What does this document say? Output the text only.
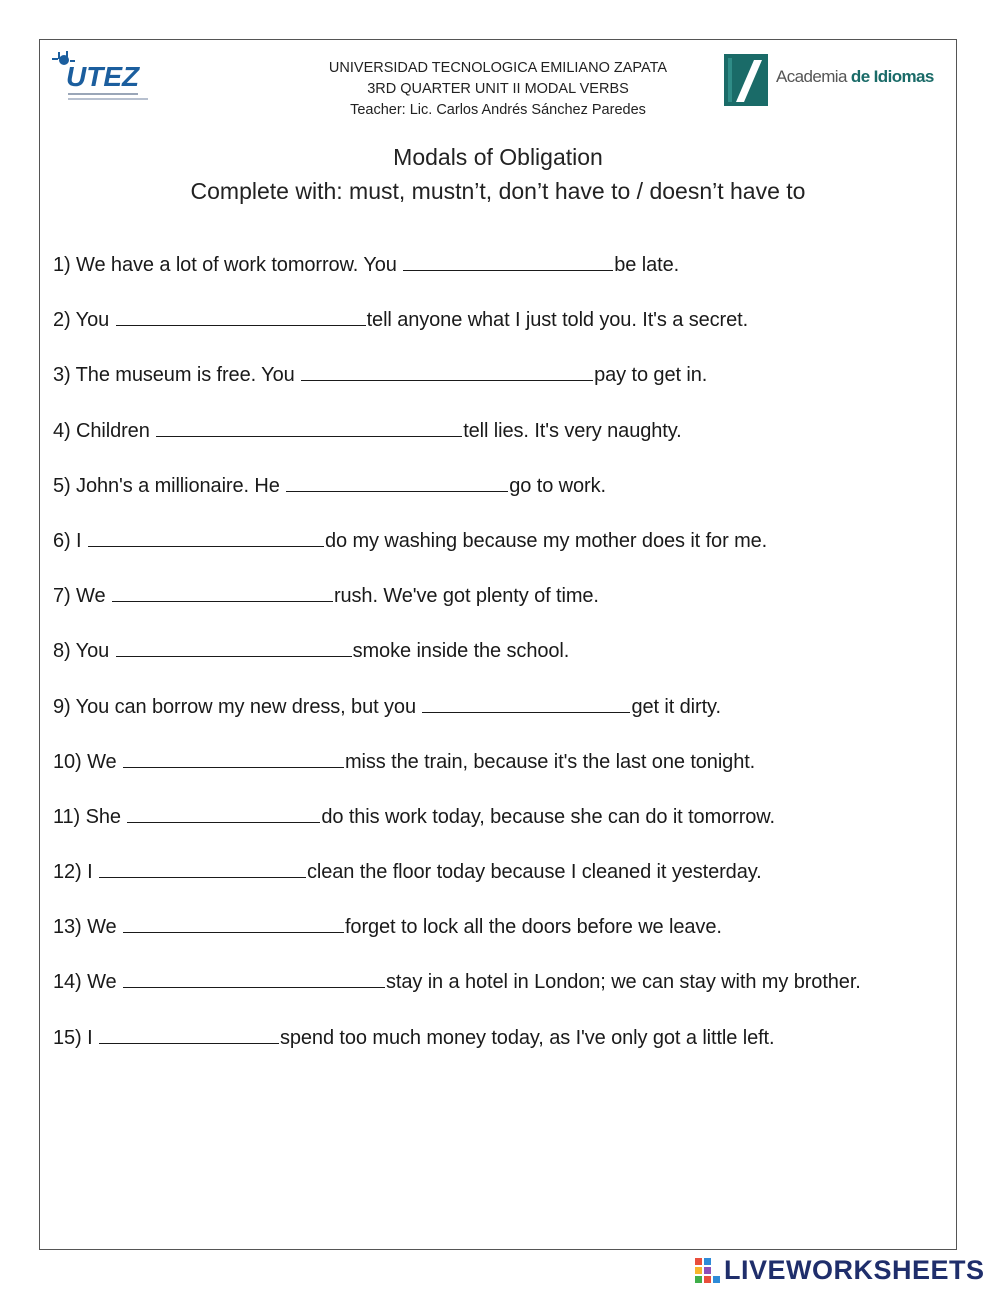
UTEZ	Academia de Idiomas
UNIVERSIDAD TECNOLOGICA EMILIANO ZAPATA
3RD QUARTER UNIT II MODAL VERBS
Teacher: Lic. Carlos Andrés Sánchez Paredes
Modals of Obligation
Complete with: must, mustn’t, don’t have to / doesn’t have to
1) We have a lot of work tomorrow. You	be late.
2) You	tell anyone what I just told you. It's a secret.
3) The museum is free. You	pay to get in.
4) Children	tell lies. It's very naughty.
5) John's a millionaire. He	go to work.
6) I	do my washing because my mother does it for me.
7) We	rush. We've got plenty of time.
8) You	smoke inside the school.
9) You can borrow my new dress, but you	get it dirty.
10) We	miss the train, because it's the last one tonight.
11) She	do this work today, because she can do it tomorrow.
12) I	clean the floor today because I cleaned it yesterday.
13) We	forget to lock all the doors before we leave.
14) We	stay in a hotel in London; we can stay with my brother.
15) I	spend too much money today, as I've only got a little left.
LIVEWORKSHEETS
